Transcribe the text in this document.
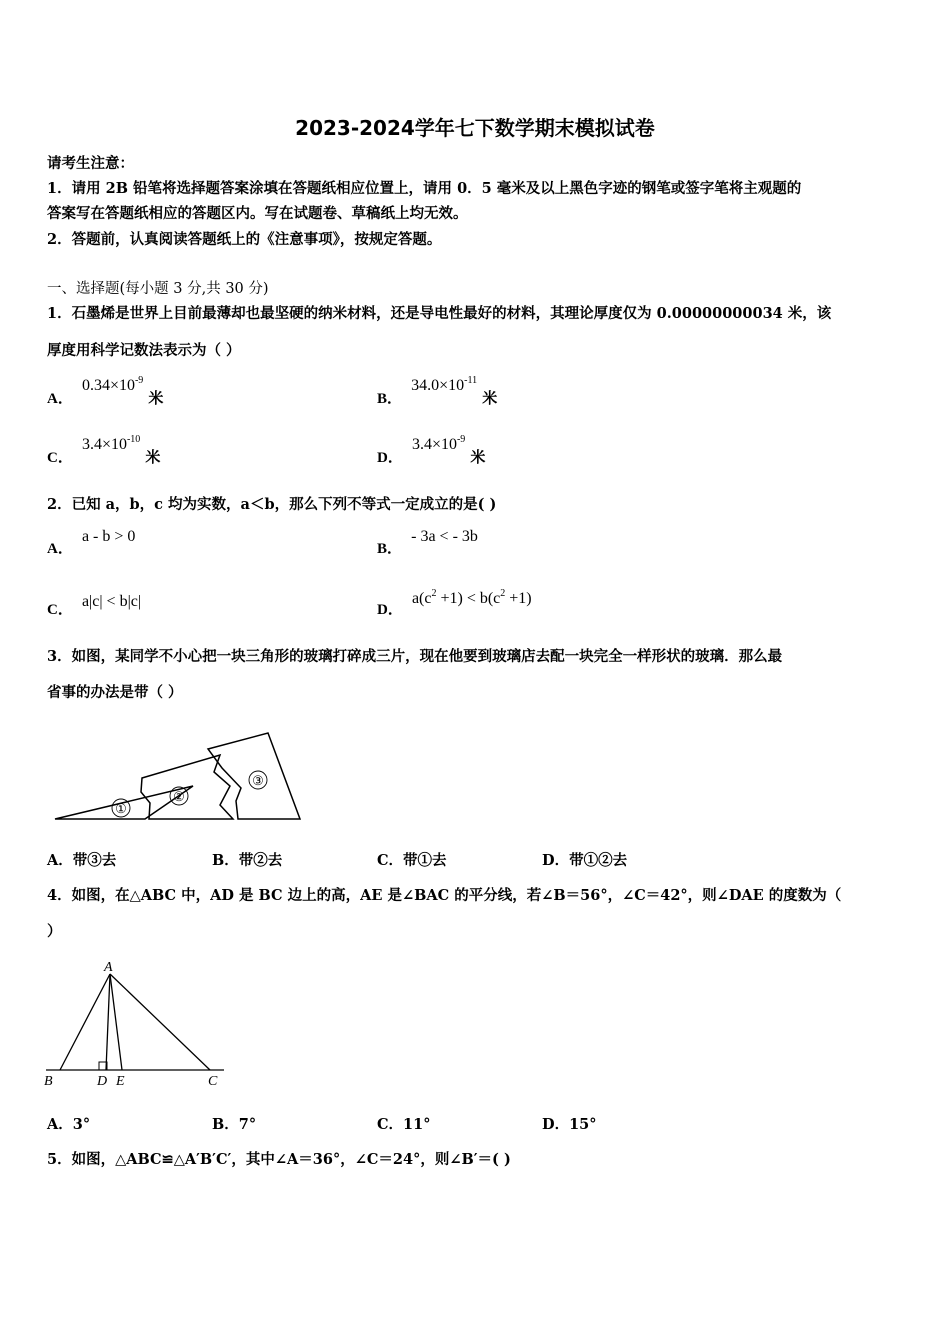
2023-2024学年七下数学期末模拟试卷
请考生注意：
1．请用 2B 铅笔将选择题答案涂填在答题纸相应位置上，请用 0．5 毫米及以上黑色字迹的钢笔或签字笔将主观题的
答案写在答题纸相应的答题区内。写在试题卷、草稿纸上均无效。
2．答题前，认真阅读答题纸上的《注意事项》，按规定答题。
一、选择题(每小题 3 分,共 30 分)
1．石墨烯是世界上目前最薄却也最坚硬的纳米材料，还是导电性最好的材料，其理论厚度仅为 0.00000000034 米，该
厚度用科学记数法表示为（ ）
A． $0.34\times 10^{-9}$ 米	B． $34.0\times 10^{-11}$ 米
C． $3.4\times 10^{-10}$ 米	D． $3.4\times 10^{-9}$ 米
2．已知 a，b，c 均为实数，a＜b，那么下列不等式一定成立的是( )
A． a - b > 0
B． - 3a < - 3b
C． a|c| < b|c|	D． $a(c^2 +1) < b(c^2 +1)$
3．如图，某同学不小心把一块三角形的玻璃打碎成三片，现在他要到玻璃店去配一块完全一样形状的玻璃．那么最
省事的办法是带（ ）
①
②
③
A．带③去	B．带②去	C．带①去	D．带①②去
4．如图，在△ABC 中，AD 是 BC 边上的高，AE 是∠BAC 的平分线，若∠B＝56°，∠C＝42°，则∠DAE 的度数为（
）
A
B	D E	C
A．3°	B．7°	C．11°	D．15°
5．如图，△ABC≌△A′B′C′，其中∠A＝36°，∠C＝24°，则∠B′＝( )
